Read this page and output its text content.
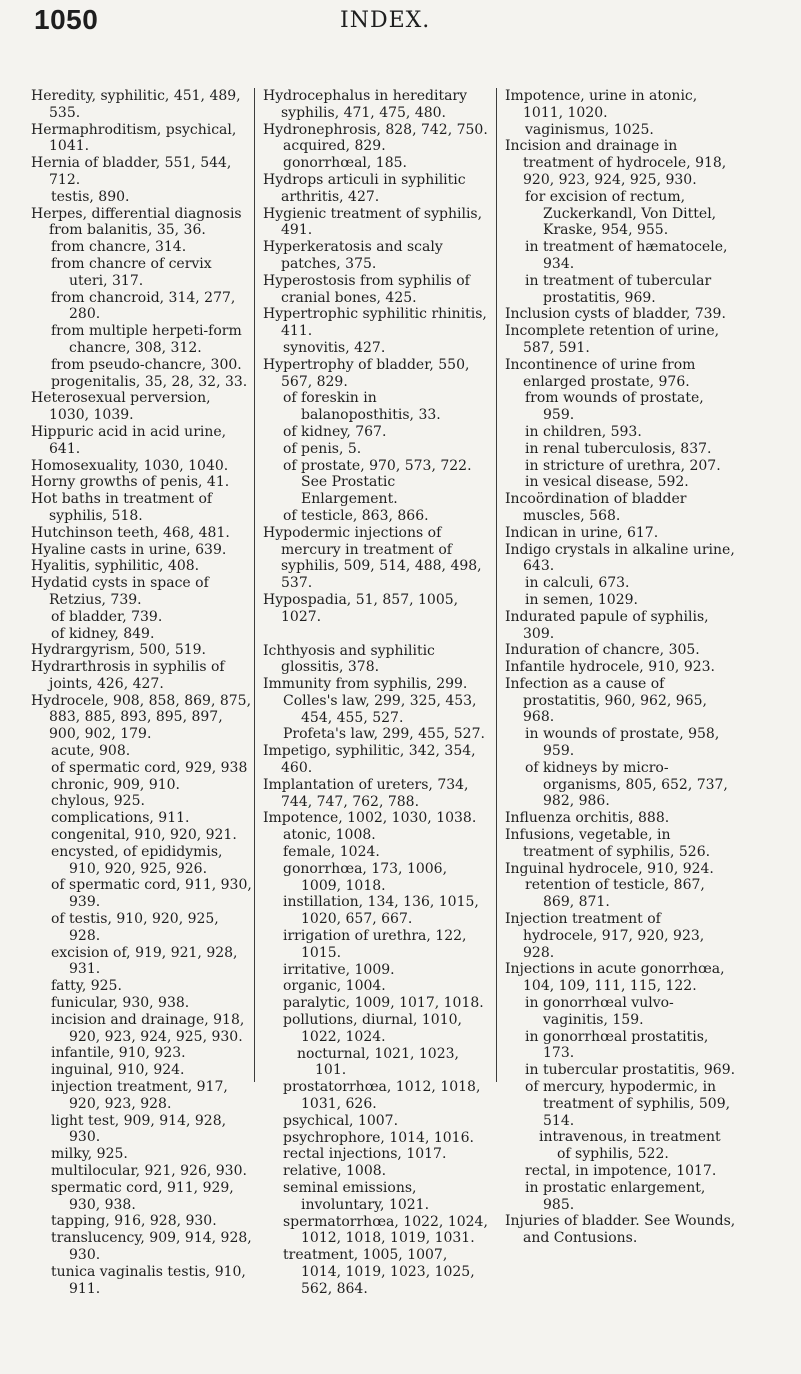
1050	INDEX.

Heredity, syphilitic, 451, 489, 535.

Hermaphroditism, psychical, 1041.

Hernia of bladder, 551, 544, 712.

testis, 890.

Herpes, differential diagnosis from balanitis, 35, 36.

from chancre, 314.

from chancre of cervix uteri, 317.

from chancroid, 314, 277, 280.

from multiple herpeti-form chancre, 308, 312.

from pseudo-chancre, 300.

progenitalis, 35, 28, 32, 33.

Heterosexual perversion, 1030, 1039.

Hippuric acid in acid urine, 641.

Homosexuality, 1030, 1040.

Horny growths of penis, 41.

Hot baths in treatment of syphilis, 518.

Hutchinson teeth, 468, 481.

Hyaline casts in urine, 639.

Hyalitis, syphilitic, 408.

Hydatid cysts in space of Retzius, 739.

of bladder, 739.

of kidney, 849.

Hydrargyrism, 500, 519.

Hydrarthrosis in syphilis of joints, 426, 427.

Hydrocele, 908, 858, 869, 875, 883, 885, 893, 895, 897, 900, 902, 179.

acute, 908.

of spermatic cord, 929, 938

chronic, 909, 910.

chylous, 925.

complications, 911.

congenital, 910, 920, 921.

encysted, of epididymis, 910, 920, 925, 926.

of spermatic cord, 911, 930, 939.

of testis, 910, 920, 925, 928.

excision of, 919, 921, 928, 931.

fatty, 925.

funicular, 930, 938.

incision and drainage, 918, 920, 923, 924, 925, 930.

infantile, 910, 923.

inguinal, 910, 924.

injection treatment, 917, 920, 923, 928.

light test, 909, 914, 928, 930.

milky, 925.

multilocular, 921, 926, 930.

spermatic cord, 911, 929, 930, 938.

tapping, 916, 928, 930.

translucency, 909, 914, 928, 930.

tunica vaginalis testis, 910, 911.

Hydrocephalus in hereditary syphilis, 471, 475, 480.

Hydronephrosis, 828, 742, 750.

acquired, 829.

gonorrhœal, 185.

Hydrops articuli in syphilitic arthritis, 427.

Hygienic treatment of syphilis, 491.

Hyperkeratosis and scaly patches, 375.

Hyperostosis from syphilis of cranial bones, 425.

Hypertrophic syphilitic rhinitis, 411.

synovitis, 427.

Hypertrophy of bladder, 550, 567, 829.

of foreskin in balanoposthitis, 33.

of kidney, 767.

of penis, 5.

of prostate, 970, 573, 722. See Prostatic Enlargement.

of testicle, 863, 866.

Hypodermic injections of mercury in treatment of syphilis, 509, 514, 488, 498, 537.

Hypospadia, 51, 857, 1005, 1027.

Ichthyosis and syphilitic glossitis, 378.

Immunity from syphilis, 299.

Colles's law, 299, 325, 453, 454, 455, 527.

Profeta's law, 299, 455, 527.

Impetigo, syphilitic, 342, 354, 460.

Implantation of ureters, 734, 744, 747, 762, 788.

Impotence, 1002, 1030, 1038.

atonic, 1008.

female, 1024.

gonorrhœa, 173, 1006, 1009, 1018.

instillation, 134, 136, 1015, 1020, 657, 667.

irrigation of urethra, 122, 1015.

irritative, 1009.

organic, 1004.

paralytic, 1009, 1017, 1018.

pollutions, diurnal, 1010, 1022, 1024.

nocturnal, 1021, 1023, 101.

prostatorrhœa, 1012, 1018, 1031, 626.

psychical, 1007.

psychrophore, 1014, 1016.

rectal injections, 1017.

relative, 1008.

seminal emissions, involuntary, 1021.

spermatorrhœa, 1022, 1024, 1012, 1018, 1019, 1031.

treatment, 1005, 1007, 1014, 1019, 1023, 1025, 562, 864.

Impotence, urine in atonic, 1011, 1020.

vaginismus, 1025.

Incision and drainage in treatment of hydrocele, 918, 920, 923, 924, 925, 930.

for excision of rectum, Zuckerkandl, Von Dittel, Kraske, 954, 955.

in treatment of hæmatocele, 934.

in treatment of tubercular prostatitis, 969.

Inclusion cysts of bladder, 739.

Incomplete retention of urine, 587, 591.

Incontinence of urine from enlarged prostate, 976.

from wounds of prostate, 959.

in children, 593.

in renal tuberculosis, 837.

in stricture of urethra, 207.

in vesical disease, 592.

Incoördination of bladder muscles, 568.

Indican in urine, 617.

Indigo crystals in alkaline urine, 643.

in calculi, 673.

in semen, 1029.

Indurated papule of syphilis, 309.

Induration of chancre, 305.

Infantile hydrocele, 910, 923.

Infection as a cause of prostatitis, 960, 962, 965, 968.

in wounds of prostate, 958, 959.

of kidneys by micro-organisms, 805, 652, 737, 982, 986.

Influenza orchitis, 888.

Infusions, vegetable, in treatment of syphilis, 526.

Inguinal hydrocele, 910, 924.

retention of testicle, 867, 869, 871.

Injection treatment of hydrocele, 917, 920, 923, 928.

Injections in acute gonorrhœa, 104, 109, 111, 115, 122.

in gonorrhœal vulvo-vaginitis, 159.

in gonorrhœal prostatitis, 173.

in tubercular prostatitis, 969.

of mercury, hypodermic, in treatment of syphilis, 509, 514.

intravenous, in treatment of syphilis, 522.

rectal, in impotence, 1017.

in prostatic enlargement, 985.

Injuries of bladder. See Wounds, and Contusions.
